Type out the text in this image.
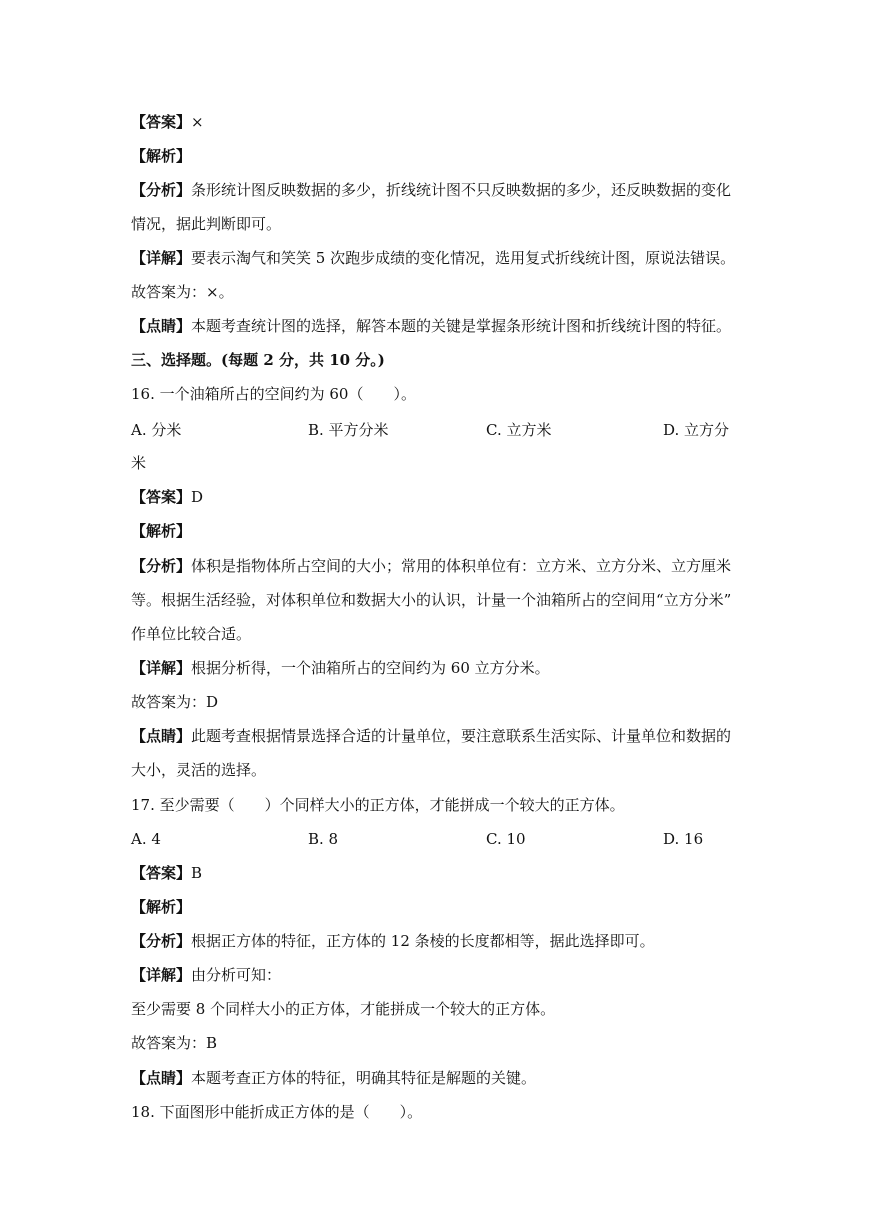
【答案】×
【解析】
【分析】条形统计图反映数据的多少，折线统计图不只反映数据的多少，还反映数据的变化
情况，据此判断即可。
【详解】要表示淘气和笑笑 5 次跑步成绩的变化情况，选用复式折线统计图，原说法错误。
故答案为：×。
【点睛】本题考查统计图的选择，解答本题的关键是掌握条形统计图和折线统计图的特征。
三、选择题。(每题 2 分，共 10 分。)
16. 一个油箱所占的空间约为 60（　　）。
A. 分米	B. 平方分米	C. 立方米	D. 立方分
米
【答案】D
【解析】
【分析】体积是指物体所占空间的大小；常用的体积单位有：立方米、立方分米、立方厘米
等。根据生活经验，对体积单位和数据大小的认识，计量一个油箱所占的空间用“立方分米”
作单位比较合适。
【详解】根据分析得，一个油箱所占的空间约为 60 立方分米。
故答案为：D
【点睛】此题考查根据情景选择合适的计量单位，要注意联系生活实际、计量单位和数据的
大小，灵活的选择。
17. 至少需要（　　）个同样大小的正方体，才能拼成一个较大的正方体。
A. 4	B. 8	C. 10	D. 16
【答案】B
【解析】
【分析】根据正方体的特征，正方体的 12 条棱的长度都相等，据此选择即可。
【详解】由分析可知：
至少需要 8 个同样大小的正方体，才能拼成一个较大的正方体。
故答案为：B
【点睛】本题考查正方体的特征，明确其特征是解题的关键。
18. 下面图形中能折成正方体的是（　　）。
